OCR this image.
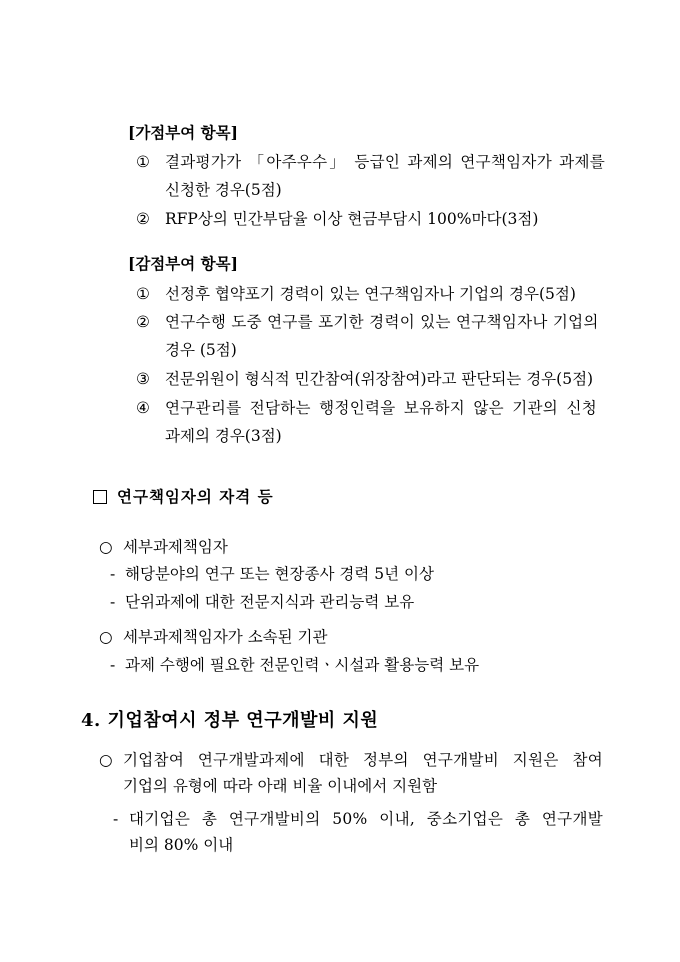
[가점부여 항목]
① 결과평가가 「아주우수」 등급인 과제의 연구책임자가 과제를
신청한 경우(5점)
② RFP상의 민간부담율 이상 현금부담시 100%마다(3점)
[감점부여 항목]
① 선정후 협약포기 경력이 있는 연구책임자나 기업의 경우(5점)
② 연구수행 도중 연구를 포기한 경력이 있는 연구책임자나 기업의
경우 (5점)
③ 전문위원이 형식적 민간참여(위장참여)라고 판단되는 경우(5점)
④ 연구관리를 전담하는 행정인력을 보유하지 않은 기관의 신청
과제의 경우(3점)
연구책임자의 자격 등
○ 세부과제책임자
- 해당분야의 연구 또는 현장종사 경력 5년 이상
- 단위과제에 대한 전문지식과 관리능력 보유
○ 세부과제책임자가 소속된 기관
- 과제 수행에 필요한 전문인력ㆍ시설과 활용능력 보유
4. 기업참여시 정부 연구개발비 지원
○ 기업참여 연구개발과제에 대한 정부의 연구개발비 지원은 참여
기업의 유형에 따라 아래 비율 이내에서 지원함
- 대기업은 총 연구개발비의 50% 이내, 중소기업은 총 연구개발
비의 80% 이내
